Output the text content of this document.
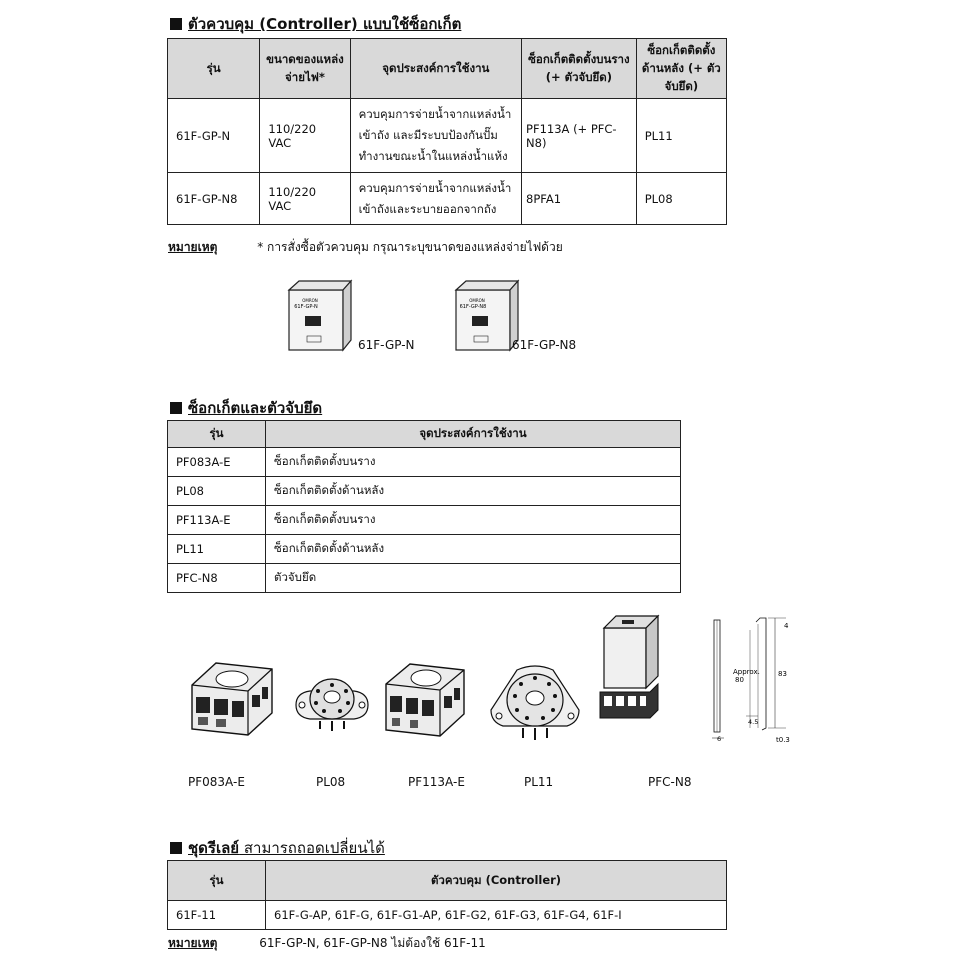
ตัวควบคุม (Controller) แบบใช้ซ็อกเก็ต
รุ่น	ขนาดของแหล่งจ่ายไฟ*	จุดประสงค์การใช้งาน	ซ็อกเก็ตติดตั้งบนราง (+ ตัวจับยึด)	ซ็อกเก็ตติดตั้งด้านหลัง (+ ตัวจับยึด)
61F-GP-N	110/220 VAC	ควบคุมการจ่ายน้ำจากแหล่งน้ำเข้าถัง และมีระบบป้องกันปั๊มทำงานขณะน้ำในแหล่งน้ำแห้ง	PF113A (+ PFC-N8)	PL11
61F-GP-N8	110/220 VAC	ควบคุมการจ่ายน้ำจากแหล่งน้ำเข้าถังและระบายออกจากถัง	8PFA1	PL08
หมายเหตุ	* การสั่งซื้อตัวควบคุม กรุณาระบุขนาดของแหล่งจ่ายไฟด้วย
OMRON
61F-GP-N
61F-GP-N
OMRON
61F-GP-N8
61F-GP-N8
ซ็อกเก็ตและตัวจับยึด
รุ่น	จุดประสงค์การใช้งาน
PF083A-E	ซ็อกเก็ตติดตั้งบนราง
PL08	ซ็อกเก็ตติดตั้งด้านหลัง
PF113A-E	ซ็อกเก็ตติดตั้งบนราง
PL11	ซ็อกเก็ตติดตั้งด้านหลัง
PFC-N8	ตัวจับยึด
PF083A-E	PL08	PF113A-E	PL11	PFC-N8
Approx.
80
83
4
4.5
6	t0.3
ชุดรีเลย์ สามารถถอดเปลี่ยนได้
รุ่น	ตัวควบคุม (Controller)
61F-11	61F-G-AP, 61F-G, 61F-G1-AP, 61F-G2, 61F-G3, 61F-G4, 61F-I
หมายเหตุ	61F-GP-N, 61F-GP-N8 ไม่ต้องใช้ 61F-11
